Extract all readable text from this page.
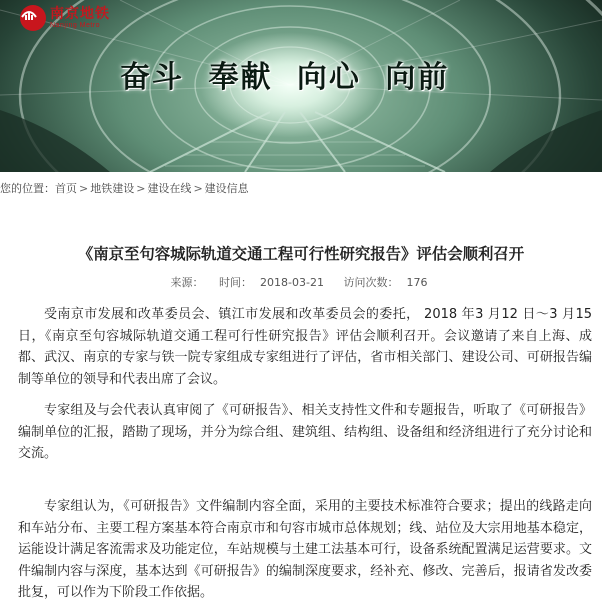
南京地铁
Nanjing Metro
奋斗 奉献 向心 向前
您的位置： 首页 > 地铁建设 > 建设在线 > 建设信息
《南京至句容城际轨道交通工程可行性研究报告》评估会顺利召开
来源： 时间： 2018-03-21 访问次数： 176

受南京市发展和改革委员会、镇江市发展和改革委员会的委托， 2018 年3 月12 日～3 月15 日，《南京至句容城际轨道交通工程可行性研究报告》评估会顺利召开。会议邀请了来自上海、成都、武汉、南京的专家与铁一院专家组成专家组进行了评估，省市相关部门、建设公司、可研报告编制等单位的领导和代表出席了会议。

专家组及与会代表认真审阅了《可研报告》、相关支持性文件和专题报告，听取了《可研报告》编制单位的汇报，踏勘了现场，并分为综合组、建筑组、结构组、设备组和经济组进行了充分讨论和交流。

专家组认为，《可研报告》文件编制内容全面，采用的主要技术标准符合要求；提出的线路走向和车站分布、主要工程方案基本符合南京市和句容市城市总体规划；线、站位及大宗用地基本稳定，运能设计满足客流需求及功能定位，车站规模与土建工法基本可行，设备系统配置满足运营要求。文件编制内容与深度，基本达到《可研报告》的编制深度要求，经补充、修改、完善后，报请省发改委批复，可以作为下阶段工作依据。
